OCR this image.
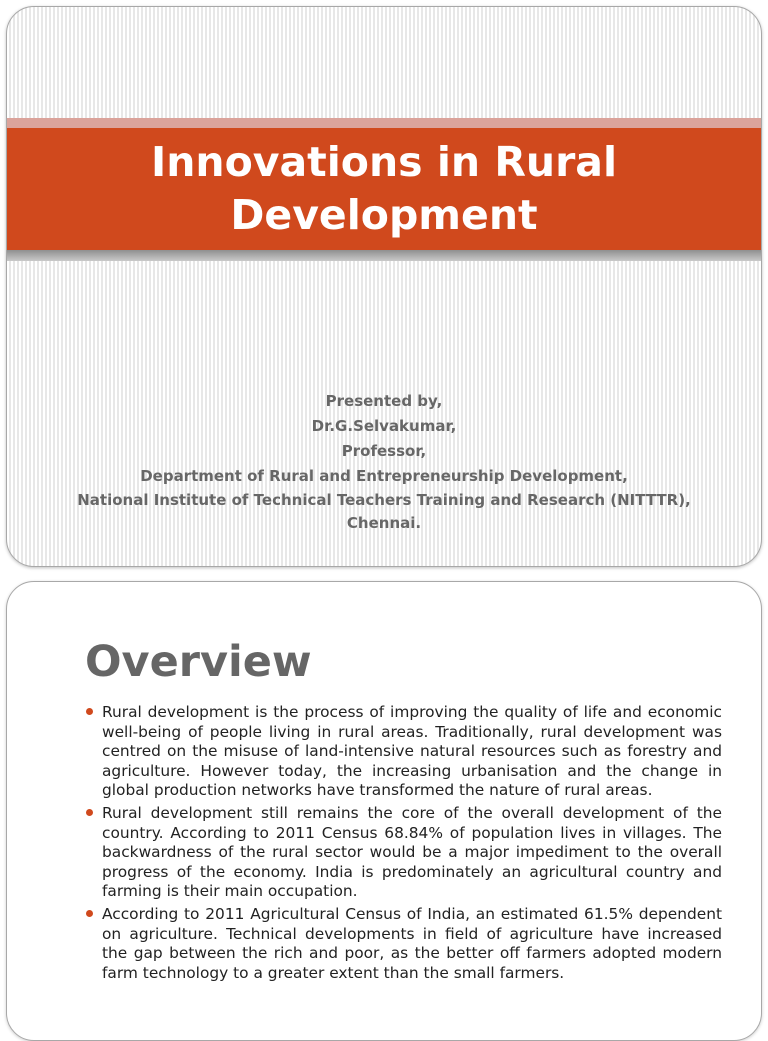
Innovations in Rural Development
Presented by,
Dr.G.Selvakumar,
Professor,
Department of Rural and Entrepreneurship Development,
National Institute of Technical Teachers Training and Research (NITTTR), Chennai.
Overview
Rural development is the process of improving the quality of life and economic well-being of people living in rural areas. Traditionally, rural development was centred on the misuse of land-intensive natural resources such as forestry and agriculture. However today, the increasing urbanisation and the change in global production networks have transformed the nature of rural areas.
Rural development still remains the core of the overall development of the country. According to 2011 Census 68.84% of population lives in villages. The backwardness of the rural sector would be a major impediment to the overall progress of the economy. India is predominately an agricultural country and farming is their main occupation.
According to 2011 Agricultural Census of India, an estimated 61.5% dependent on agriculture. Technical developments in field of agriculture have increased the gap between the rich and poor, as the better off farmers adopted modern farm technology to a greater extent than the small farmers.
